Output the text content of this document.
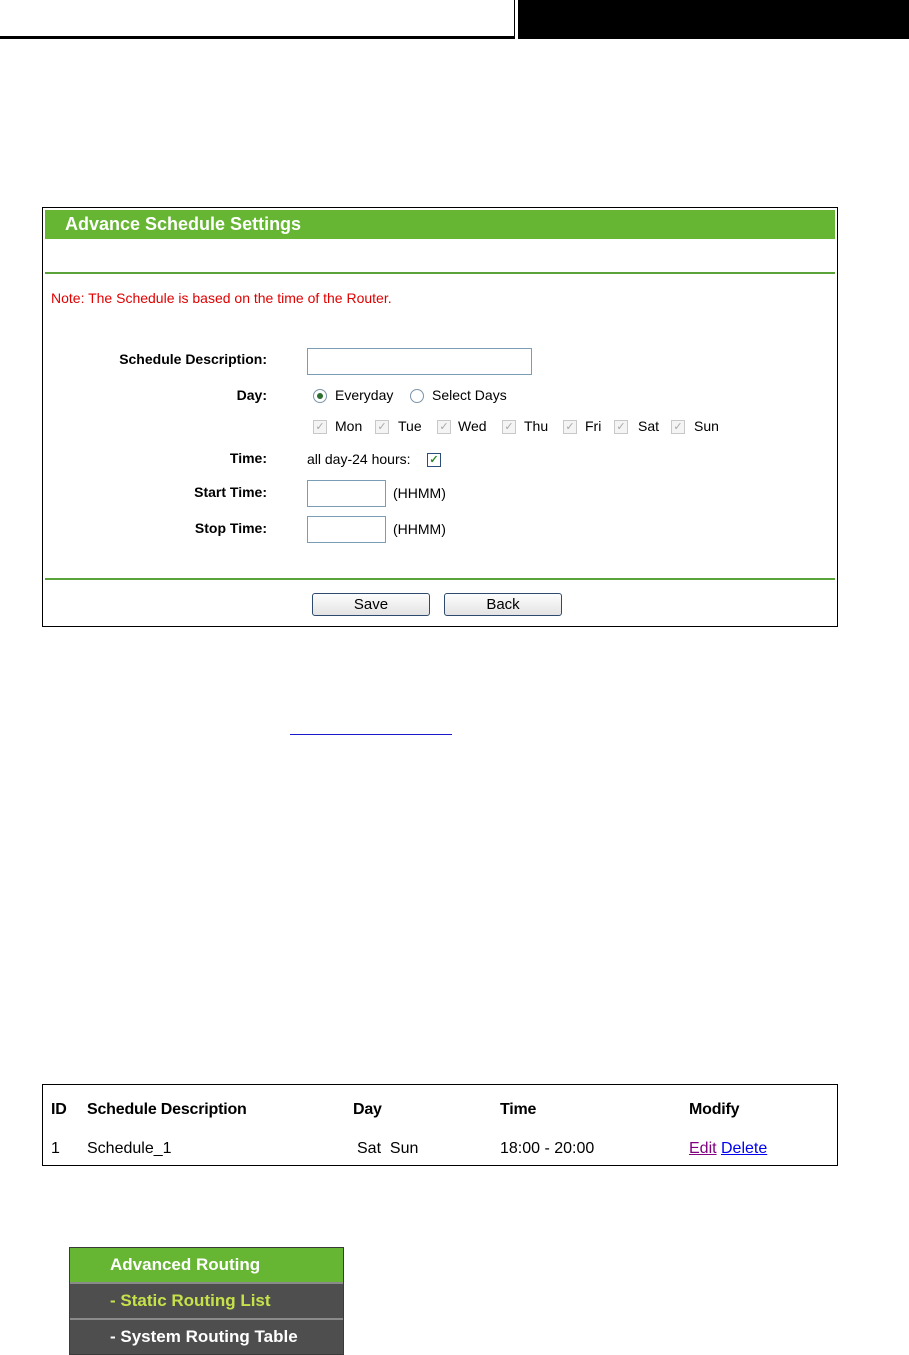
Advance Schedule Settings
Note: The Schedule is based on the time of the Router.
Schedule Description:
Day:	Everyday	Select Days
✓ Mon ✓ Tue ✓ Wed ✓ Thu ✓ Fri ✓ Sat ✓ Sun
Time:	all day-24 hours: ✓
Start Time:	(HHMM)
Stop Time:	(HHMM)
Save	Back
ID Schedule Description	Day	Time	Modify
1 Schedule_1	Sat  Sun	18:00 - 20:00	Edit Delete
Advanced Routing
- Static Routing List
- System Routing Table
